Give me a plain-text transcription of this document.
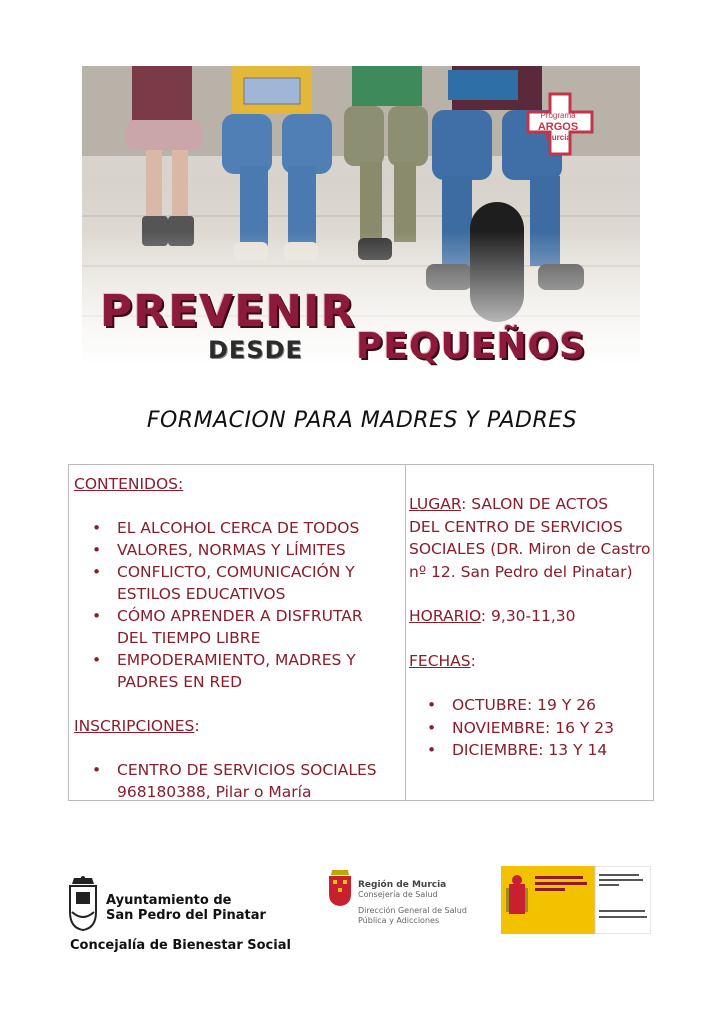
Programa
ARGOS
Murcia
PREVENIR
DESDE PEQUEÑOS
FORMACION PARA MADRES Y PADRES
CONTENIDOS:
• EL ALCOHOL CERCA DE TODOS
• VALORES, NORMAS Y LÍMITES
• CONFLICTO, COMUNICACIÓN Y
ESTILOS EDUCATIVOS
• CÓMO APRENDER A DISFRUTAR
DEL TIEMPO LIBRE
• EMPODERAMIENTO, MADRES Y
PADRES EN RED
INSCRIPCIONES:
• CENTRO DE SERVICIOS SOCIALES
968180388, Pilar o María
LUGAR: SALON DE ACTOS
DEL CENTRO DE SERVICIOS
SOCIALES (DR. Miron de Castro
nº 12. San Pedro del Pinatar)
HORARIO: 9,30-11,30
FECHAS:
• OCTUBRE: 19 Y 26
• NOVIEMBRE: 16 Y 23
• DICIEMBRE: 13 Y 14
Ayuntamiento de
San Pedro del Pinatar
Concejalía de Bienestar Social
Región de Murcia
Consejería de Salud
Dirección General de Salud
Pública y Adicciones
